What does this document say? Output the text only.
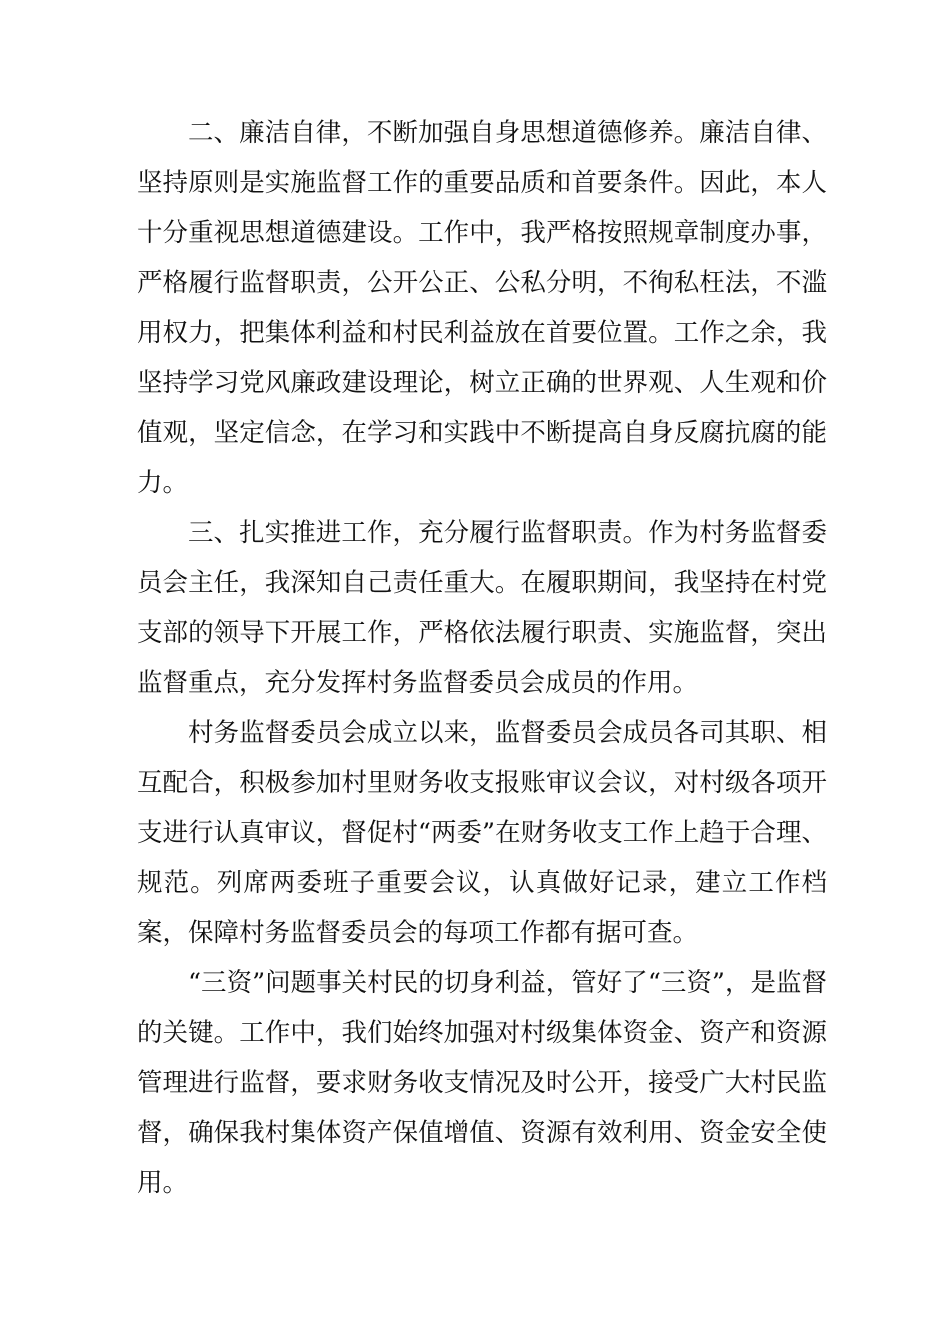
二、廉洁自律，不断加强自身思想道德修养。廉洁自律、坚持原则是实施监督工作的重要品质和首要条件。因此，本人十分重视思想道德建设。工作中，我严格按照规章制度办事，严格履行监督职责，公开公正、公私分明，不徇私枉法，不滥用权力，把集体利益和村民利益放在首要位置。工作之余，我坚持学习党风廉政建设理论，树立正确的世界观、人生观和价值观，坚定信念，在学习和实践中不断提高自身反腐抗腐的能力。

三、扎实推进工作，充分履行监督职责。作为村务监督委员会主任，我深知自己责任重大。在履职期间，我坚持在村党支部的领导下开展工作，严格依法履行职责、实施监督，突出监督重点，充分发挥村务监督委员会成员的作用。

村务监督委员会成立以来，监督委员会成员各司其职、相互配合，积极参加村里财务收支报账审议会议，对村级各项开支进行认真审议，督促村“两委”在财务收支工作上趋于合理、规范。列席两委班子重要会议，认真做好记录，建立工作档案，保障村务监督委员会的每项工作都有据可查。

“三资”问题事关村民的切身利益，管好了“三资”，是监督的关键。工作中，我们始终加强对村级集体资金、资产和资源管理进行监督，要求财务收支情况及时公开，接受广大村民监督，确保我村集体资产保值增值、资源有效利用、资金安全使用。
